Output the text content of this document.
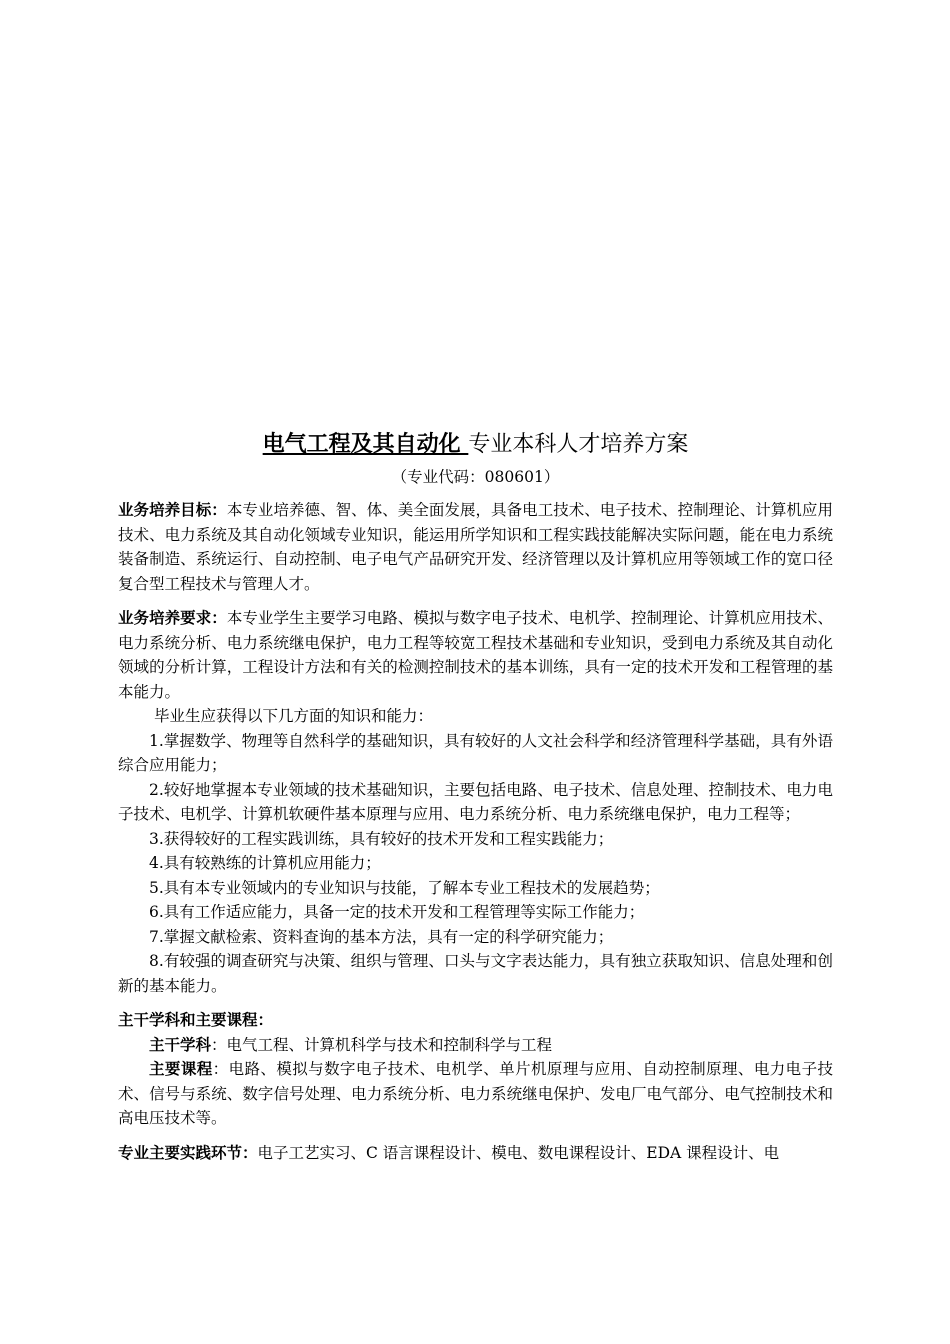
电气工程及其自动化 专业本科人才培养方案

（专业代码：080601）

业务培养目标：本专业培养德、智、体、美全面发展，具备电工技术、电子技术、控制理论、计算机应用技术、电力系统及其自动化领域专业知识，能运用所学知识和工程实践技能解决实际问题，能在电力系统装备制造、系统运行、自动控制、电子电气产品研究开发、经济管理以及计算机应用等领域工作的宽口径复合型工程技术与管理人才。

业务培养要求：本专业学生主要学习电路、模拟与数字电子技术、电机学、控制理论、计算机应用技术、电力系统分析、电力系统继电保护，电力工程等较宽工程技术基础和专业知识，受到电力系统及其自动化领域的分析计算，工程设计方法和有关的检测控制技术的基本训练，具有一定的技术开发和工程管理的基本能力。

毕业生应获得以下几方面的知识和能力：

1.掌握数学、物理等自然科学的基础知识，具有较好的人文社会科学和经济管理科学基础，具有外语综合应用能力；

2.较好地掌握本专业领域的技术基础知识，主要包括电路、电子技术、信息处理、控制技术、电力电子技术、电机学、计算机软硬件基本原理与应用、电力系统分析、电力系统继电保护，电力工程等；

3.获得较好的工程实践训练，具有较好的技术开发和工程实践能力；

4.具有较熟练的计算机应用能力；

5.具有本专业领域内的专业知识与技能，了解本专业工程技术的发展趋势；

6.具有工作适应能力，具备一定的技术开发和工程管理等实际工作能力；

7.掌握文献检索、资料查询的基本方法，具有一定的科学研究能力；

8.有较强的调查研究与决策、组织与管理、口头与文字表达能力，具有独立获取知识、信息处理和创新的基本能力。

主干学科和主要课程：

主干学科：电气工程、计算机科学与技术和控制科学与工程

主要课程：电路、模拟与数字电子技术、电机学、单片机原理与应用、自动控制原理、电力电子技术、信号与系统、数字信号处理、电力系统分析、电力系统继电保护、发电厂电气部分、电气控制技术和高电压技术等。

专业主要实践环节：电子工艺实习、C 语言课程设计、模电、数电课程设计、EDA 课程设计、电
